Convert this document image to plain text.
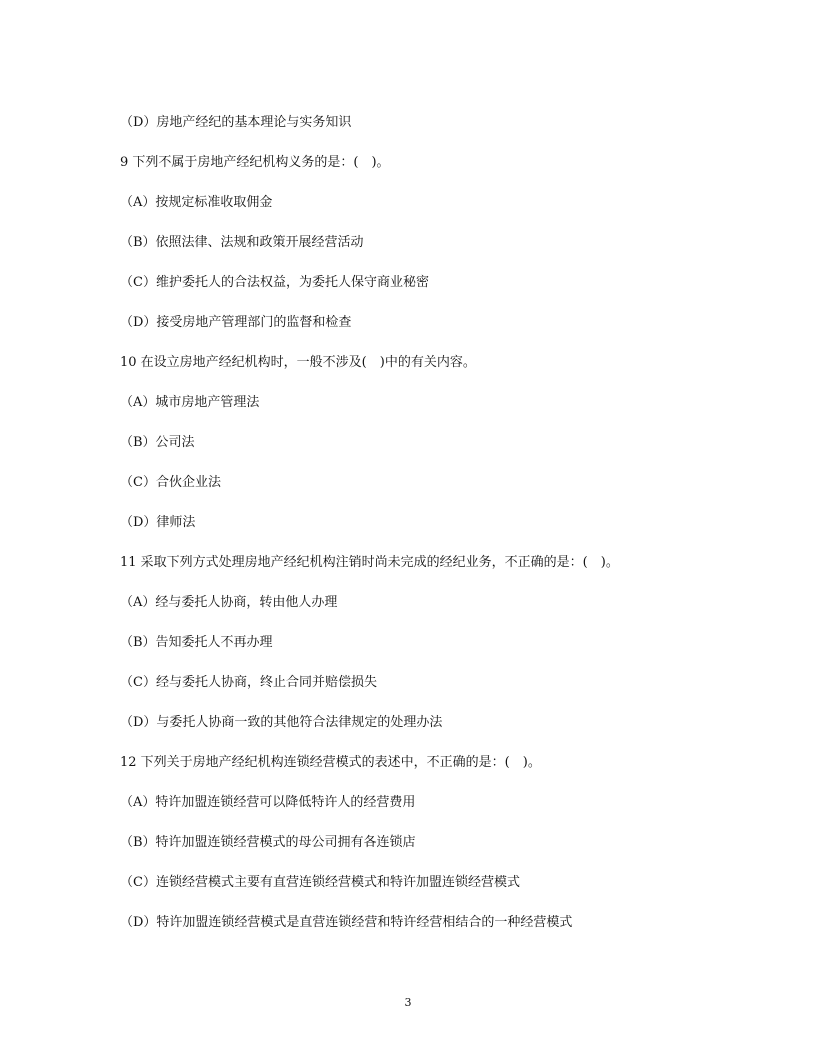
（D）房地产经纪的基本理论与实务知识
9 下列不属于房地产经纪机构义务的是：(　)。
（A）按规定标准收取佣金
（B）依照法律、法规和政策开展经营活动
（C）维护委托人的合法权益，为委托人保守商业秘密
（D）接受房地产管理部门的监督和检查
10 在设立房地产经纪机构时，一般不涉及(　)中的有关内容。
（A）城市房地产管理法
（B）公司法
（C）合伙企业法
（D）律师法
11 采取下列方式处理房地产经纪机构注销时尚未完成的经纪业务，不正确的是：(　)。
（A）经与委托人协商，转由他人办理
（B）告知委托人不再办理
（C）经与委托人协商，终止合同并赔偿损失
（D）与委托人协商一致的其他符合法律规定的处理办法
12 下列关于房地产经纪机构连锁经营模式的表述中，不正确的是：(　)。
（A）特许加盟连锁经营可以降低特许人的经营费用
（B）特许加盟连锁经营模式的母公司拥有各连锁店
（C）连锁经营模式主要有直营连锁经营模式和特许加盟连锁经营模式
（D）特许加盟连锁经营模式是直营连锁经营和特许经营相结合的一种经营模式
3
